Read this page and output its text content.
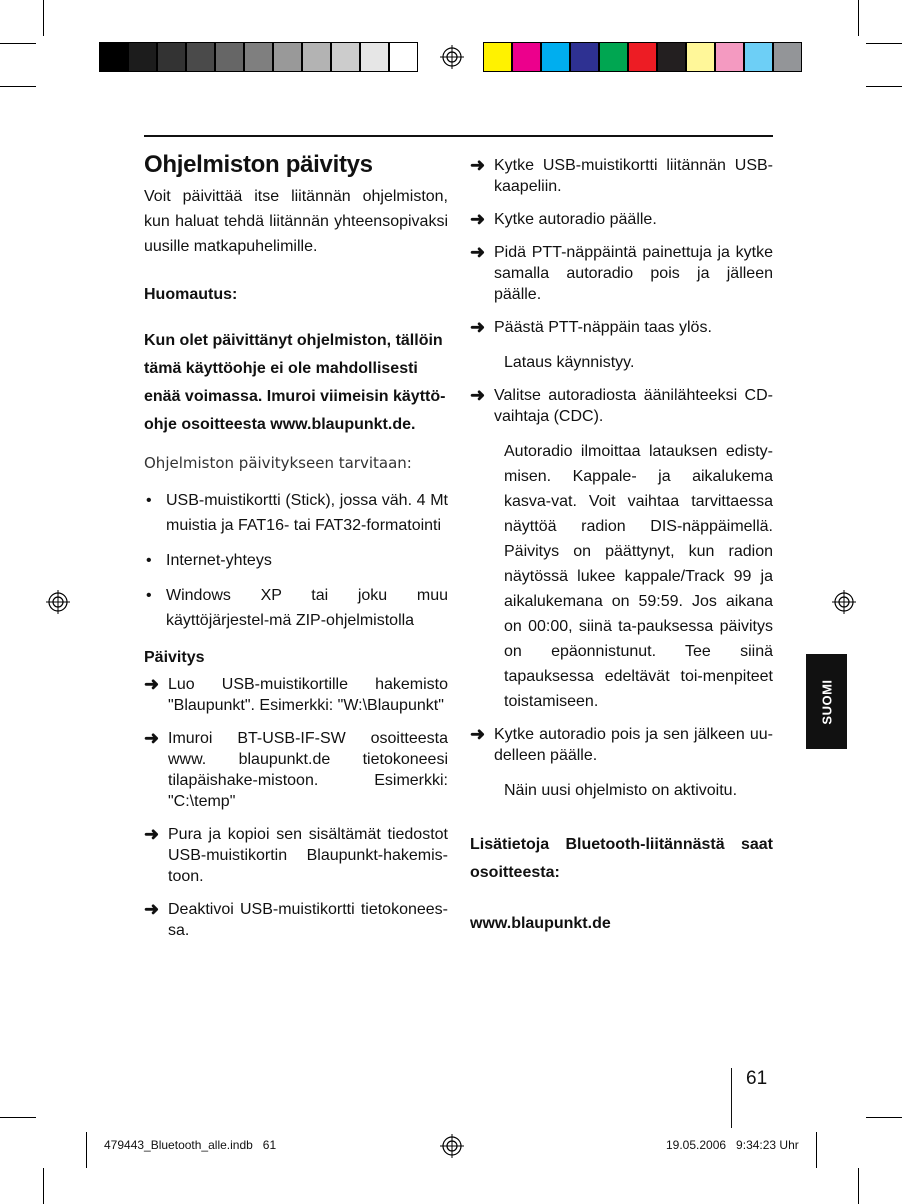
Ohjelmiston päivitys

Voit päivittää itse liitännän ohjelmiston, kun haluat tehdä liitännän yhteensopivaksi uusille matkapuhelimille.

Huomautus:

Kun olet päivittänyt ohjelmiston, tällöin tämä käyttöohje ei ole mahdollisesti enää voimassa. Imuroi viimeisin käyttö-ohje osoitteesta www.blaupunkt.de.

Ohjelmiston päivitykseen tarvitaan:

• USB-muistikortti (Stick), jossa väh. 4 Mt muistia ja FAT16- tai FAT32-formatointi
• Internet-yhteys
• Windows XP tai joku muu käyttöjärjestel-mä ZIP-ohjelmistolla

Päivitys

➜ Luo USB-muistikortille hakemisto "Blaupunkt". Esimerkki: "W:\Blaupunkt"
➜ Imuroi BT-USB-IF-SW osoitteesta www. blaupunkt.de tietokoneesi tilapäishake-mistoon. Esimerkki: "C:\temp"
➜ Pura ja kopioi sen sisältämät tiedostot USB-muistikortin Blaupunkt-hakemis-toon.
➜ Deaktivoi USB-muistikortti tietokonees-sa.
➜ Kytke USB-muistikortti liitännän USB-kaapeliin.
➜ Kytke autoradio päälle.
➜ Pidä PTT-näppäintä painettuja ja kytke samalla autoradio pois ja jälleen päälle.
➜ Päästä PTT-näppäin taas ylös.

Lataus käynnistyy.

➜ Valitse autoradiosta äänilähteeksi CD-vaihtaja (CDC).

Autoradio ilmoittaa latauksen edisty-misen. Kappale- ja aikalukema kasva-vat. Voit vaihtaa tarvittaessa näyttöä radion DIS-näppäimellä. Päivitys on päättynyt, kun radion näytössä lukee kappale/Track 99 ja aikalukemana on 59:59. Jos aikana on 00:00, siinä ta-pauksessa päivitys on epäonnistunut. Tee siinä tapauksessa edeltävät toi-menpiteet toistamiseen.

➜ Kytke autoradio pois ja sen jälkeen uu-delleen päälle.

Näin uusi ohjelmisto on aktivoitu.

Lisätietoja Bluetooth-liitännästä saat osoitteesta:

www.blaupunkt.de

SUOMI
61
479443_Bluetooth_alle.indb   61	19.05.2006   9:34:23 Uhr
